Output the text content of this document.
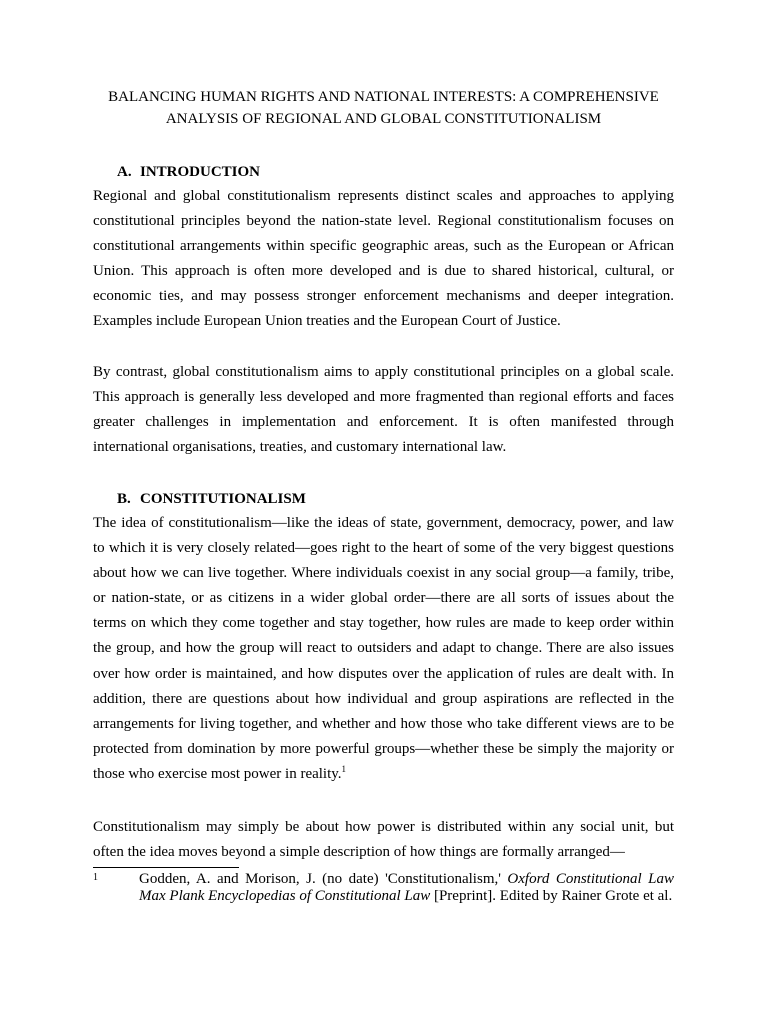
BALANCING HUMAN RIGHTS AND NATIONAL INTERESTS: A COMPREHENSIVE
ANALYSIS OF REGIONAL AND GLOBAL CONSTITUTIONALISM
A. INTRODUCTION

Regional and global constitutionalism represents distinct scales and approaches to applying constitutional principles beyond the nation-state level. Regional constitutionalism focuses on constitutional arrangements within specific geographic areas, such as the European or African Union. This approach is often more developed and is due to shared historical, cultural, or economic ties, and may possess stronger enforcement mechanisms and deeper integration. Examples include European Union treaties and the European Court of Justice.

By contrast, global constitutionalism aims to apply constitutional principles on a global scale. This approach is generally less developed and more fragmented than regional efforts and faces greater challenges in implementation and enforcement. It is often manifested through international organisations, treaties, and customary international law.

B. CONSTITUTIONALISM

The idea of constitutionalism—like the ideas of state, government, democracy, power, and law to which it is very closely related—goes right to the heart of some of the very biggest questions about how we can live together. Where individuals coexist in any social group—a family, tribe, or nation-state, or as citizens in a wider global order—there are all sorts of issues about the terms on which they come together and stay together, how rules are made to keep order within the group, and how the group will react to outsiders and adapt to change. There are also issues over how order is maintained, and how disputes over the application of rules are dealt with. In addition, there are questions about how individual and group aspirations are reflected in the arrangements for living together, and whether and how those who take different views are to be protected from domination by more powerful groups—whether these be simply the majority or those who exercise most power in reality.$^1$

Constitutionalism may simply be about how power is distributed within any social unit, but often the idea moves beyond a simple description of how things are formally arranged—

1	Godden, A. and Morison, J. (no date) 'Constitutionalism,' Oxford Constitutional Law Max Plank Encyclopedias of Constitutional Law [Preprint]. Edited by Rainer Grote et al.
